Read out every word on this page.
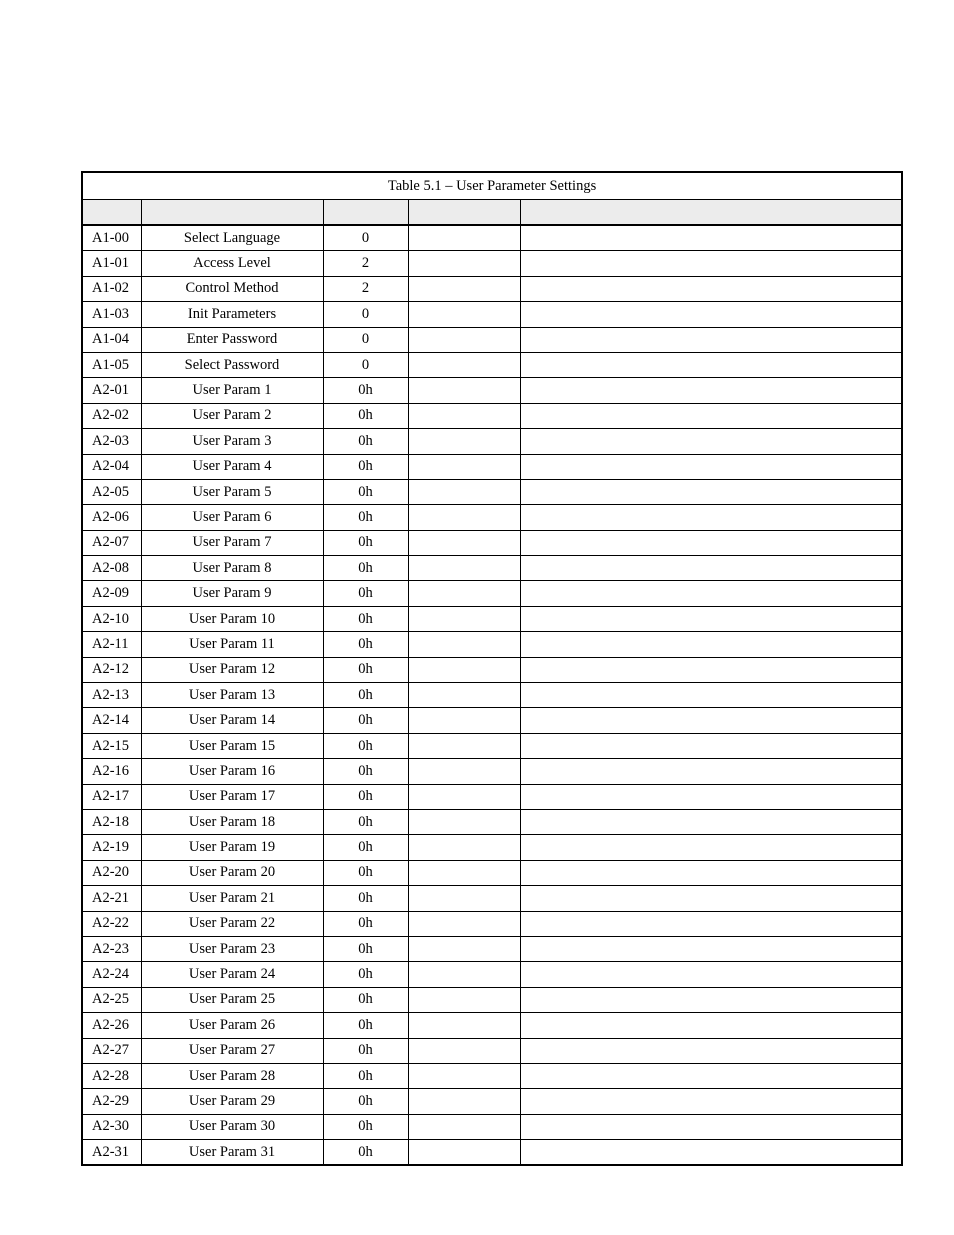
Table 5.1 – User Parameter Settings				

A1-00	Select Language	0		
A1-01	Access Level	2		
A1-02	Control Method	2		
A1-03	Init Parameters	0		
A1-04	Enter Password	0		
A1-05	Select Password	0		
A2-01	User Param 1	0h		
A2-02	User Param 2	0h		
A2-03	User Param 3	0h		
A2-04	User Param 4	0h		
A2-05	User Param 5	0h		
A2-06	User Param 6	0h		
A2-07	User Param 7	0h		
A2-08	User Param 8	0h		
A2-09	User Param 9	0h		
A2-10	User Param 10	0h		
A2-11	User Param 11	0h		
A2-12	User Param 12	0h		
A2-13	User Param 13	0h		
A2-14	User Param 14	0h		
A2-15	User Param 15	0h		
A2-16	User Param 16	0h		
A2-17	User Param 17	0h		
A2-18	User Param 18	0h		
A2-19	User Param 19	0h		
A2-20	User Param 20	0h		
A2-21	User Param 21	0h		
A2-22	User Param 22	0h		
A2-23	User Param 23	0h		
A2-24	User Param 24	0h		
A2-25	User Param 25	0h		
A2-26	User Param 26	0h		
A2-27	User Param 27	0h		
A2-28	User Param 28	0h		
A2-29	User Param 29	0h		
A2-30	User Param 30	0h		
A2-31	User Param 31	0h		
